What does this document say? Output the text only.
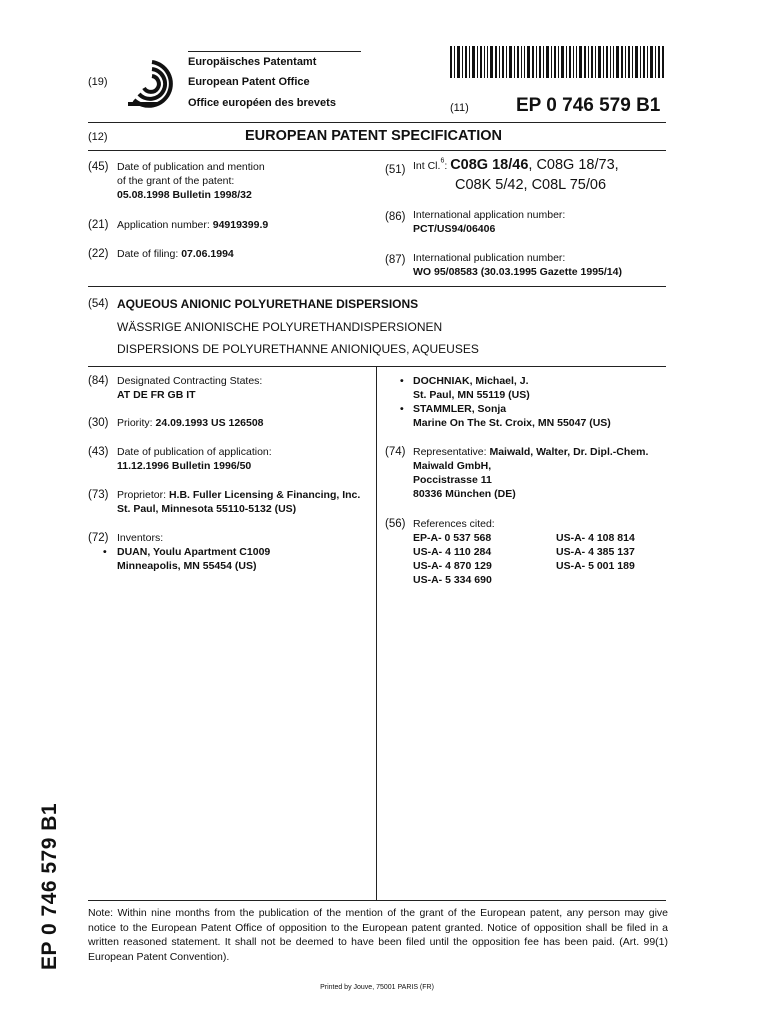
(19)
Europäisches Patentamt
European Patent Office
Office européen des brevets	(11) EP 0 746 579 B1
(12)	EUROPEAN PATENT SPECIFICATION
(45) Date of publication and mention
of the grant of the patent:
05.08.1998 Bulletin 1998/32
(21) Application number: 94919399.9
(22) Date of filing: 07.06.1994
(51) Int Cl.$^6$: C08G 18/46, C08G 18/73,
C08K 5/42, C08L 75/06
(86) International application number:
PCT/US94/06406
(87) International publication number:
WO 95/08583 (30.03.1995 Gazette 1995/14)
(54) AQUEOUS ANIONIC POLYURETHANE DISPERSIONS
WÄSSRIGE ANIONISCHE POLYURETHANDISPERSIONEN
DISPERSIONS DE POLYURETHANNE ANIONIQUES, AQUEUSES
(84) Designated Contracting States:
AT DE FR GB IT
(30) Priority: 24.09.1993 US 126508
(43) Date of publication of application:
11.12.1996 Bulletin 1996/50
(73) Proprietor: H.B. Fuller Licensing & Financing, Inc.
St. Paul, Minnesota 55110-5132 (US)
(72) Inventors:
• DUAN, Youlu Apartment C1009
Minneapolis, MN 55454 (US)
• DOCHNIAK, Michael, J.
St. Paul, MN 55119 (US)
• STAMMLER, Sonja
Marine On The St. Croix, MN 55047 (US)
(74) Representative: Maiwald, Walter, Dr. Dipl.-Chem.
Maiwald GmbH,
Poccistrasse 11
80336 München (DE)
(56) References cited:
EP-A- 0 537 568	US-A- 4 108 814
US-A- 4 110 284	US-A- 4 385 137
US-A- 4 870 129	US-A- 5 001 189
US-A- 5 334 690
Note: Within nine months from the publication of the mention of the grant of the European patent, any person may give notice to the European Patent Office of opposition to the European patent granted. Notice of opposition shall be filed in a written reasoned statement. It shall not be deemed to have been filed until the opposition fee has been paid. (Art. 99(1) European Patent Convention).
Printed by Jouve, 75001 PARIS (FR)
EP 0 746 579 B1
